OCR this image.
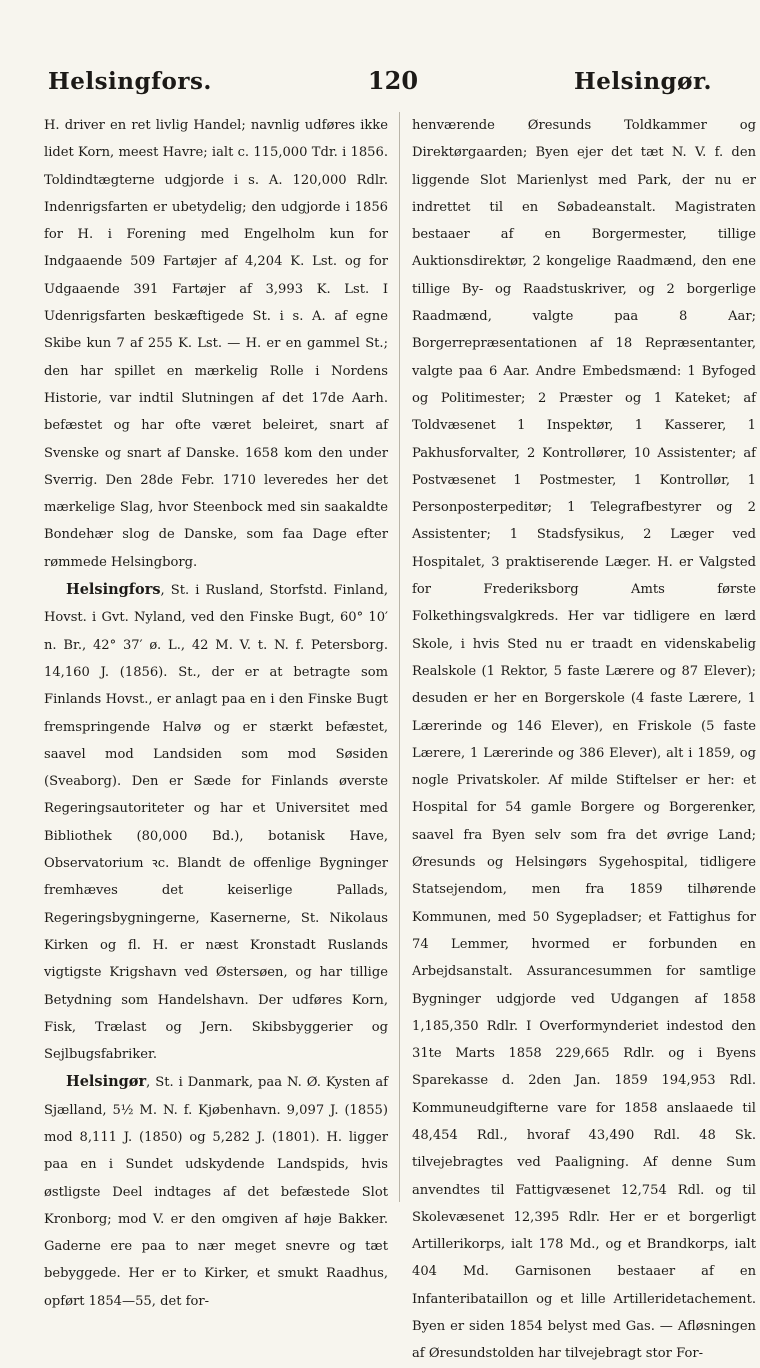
Helsingfors.	120	Helsingør.

H. driver en ret livlig Handel; navnlig udføres ikke lidet Korn, meest Havre; ialt c. 115,000 Tdr. i 1856. Toldindtægterne udgjorde i s. A. 120,000 Rdlr. Indenrigsfarten er ubetydelig; den udgjorde i 1856 for H. i Forening med Engelholm kun for Indgaaende 509 Fartøjer af 4,204 K. Lst. og for Udgaaende 391 Fartøjer af 3,993 K. Lst. I Udenrigsfarten beskæftigede St. i s. A. af egne Skibe kun 7 af 255 K. Lst. — H. er en gammel St.; den har spillet en mærkelig Rolle i Nordens Historie, var indtil Slutningen af det 17de Aarh. befæstet og har ofte været beleiret, snart af Svenske og snart af Danske. 1658 kom den under Sverrig. Den 28de Febr. 1710 leveredes her det mærkelige Slag, hvor Steenbock med sin saakaldte Bondehær slog de Danske, som faa Dage efter rømmede Helsingborg.

Helsingfors, St. i Rusland, Storfstd. Finland, Hovst. i Gvt. Nyland, ved den Finske Bugt, 60° 10′ n. Br., 42° 37′ ø. L., 42 M. V. t. N. f. Petersborg. 14,160 J. (1856). St., der er at betragte som Finlands Hovst., er anlagt paa en i den Finske Bugt fremspringende Halvø og er stærkt befæstet, saavel mod Landsiden som mod Søsiden (Sveaborg). Den er Sæde for Finlands øverste Regeringsautoriteter og har et Universitet med Bibliothek (80,000 Bd.), botanisk Have, Observatorium ꝛc. Blandt de offenlige Bygninger fremhæves det keiserlige Pallads, Regeringsbygningerne, Kasernerne, St. Nikolaus Kirken og fl. H. er næst Kronstadt Ruslands vigtigste Krigshavn ved Østersøen, og har tillige Betydning som Handelshavn. Der udføres Korn, Fisk, Trælast og Jern. Skibsbyggerier og Sejlbugsfabriker.

Helsingør, St. i Danmark, paa N. Ø. Kysten af Sjælland, 5½ M. N. f. Kjøbenhavn. 9,097 J. (1855) mod 8,111 J. (1850) og 5,282 J. (1801). H. ligger paa en i Sundet udskydende Landspids, hvis østligste Deel indtages af det befæstede Slot Kronborg; mod V. er den omgiven af høje Bakker. Gaderne ere paa to nær meget snevre og tæt bebyggede. Her er to Kirker, et smukt Raadhus, opført 1854—55, det for-

henværende Øresunds Toldkammer og Direktørgaarden; Byen ejer det tæt N. V. f. den liggende Slot Marienlyst med Park, der nu er indrettet til en Søbadeanstalt. Magistraten bestaaer af en Borgermester, tillige Auktionsdirektør, 2 kongelige Raadmænd, den ene tillige By- og Raadstuskriver, og 2 borgerlige Raadmænd, valgte paa 8 Aar; Borgerrepræsentationen af 18 Repræsentanter, valgte paa 6 Aar. Andre Embedsmænd: 1 Byfoged og Politimester; 2 Præster og 1 Kateket; af Toldvæsenet 1 Inspektør, 1 Kasserer, 1 Pakhusforvalter, 2 Kontrollører, 10 Assistenter; af Postvæsenet 1 Postmester, 1 Kontrollør, 1 Personposterpeditør; 1 Telegrafbestyrer og 2 Assistenter; 1 Stadsfysikus, 2 Læger ved Hospitalet, 3 praktiserende Læger. H. er Valgsted for Frederiksborg Amts første Folkethingsvalgkreds. Her var tidligere en lærd Skole, i hvis Sted nu er traadt en videnskabelig Realskole (1 Rektor, 5 faste Lærere og 87 Elever); desuden er her en Borgerskole (4 faste Lærere, 1 Lærerinde og 146 Elever), en Friskole (5 faste Lærere, 1 Lærerinde og 386 Elever), alt i 1859, og nogle Privatskoler. Af milde Stiftelser er her: et Hospital for 54 gamle Borgere og Borgerenker, saavel fra Byen selv som fra det øvrige Land; Øresunds og Helsingørs Sygehospital, tidligere Statsejendom, men fra 1859 tilhørende Kommunen, med 50 Sygepladser; et Fattighus for 74 Lemmer, hvormed er forbunden en Arbejdsanstalt. Assurancesummen for samtlige Bygninger udgjorde ved Udgangen af 1858 1,185,350 Rdlr. I Overformynderiet indestod den 31te Marts 1858 229,665 Rdlr. og i Byens Sparekasse d. 2den Jan. 1859 194,953 Rdl. Kommuneudgifterne vare for 1858 anslaaede til 48,454 Rdl., hvoraf 43,490 Rdl. 48 Sk. tilvejebragtes ved Paaligning. Af denne Sum anvendtes til Fattigvæsenet 12,754 Rdl. og til Skolevæsenet 12,395 Rdlr. Her er et borgerligt Artillerikorps, ialt 178 Md., og et Brandkorps, ialt 404 Md. Garnisonen bestaaer af en Infanteribataillon og et lille Artilleridetachement. Byen er siden 1854 belyst med Gas. — Afløsningen af Øresundstolden har tilvejebragt stor For-
